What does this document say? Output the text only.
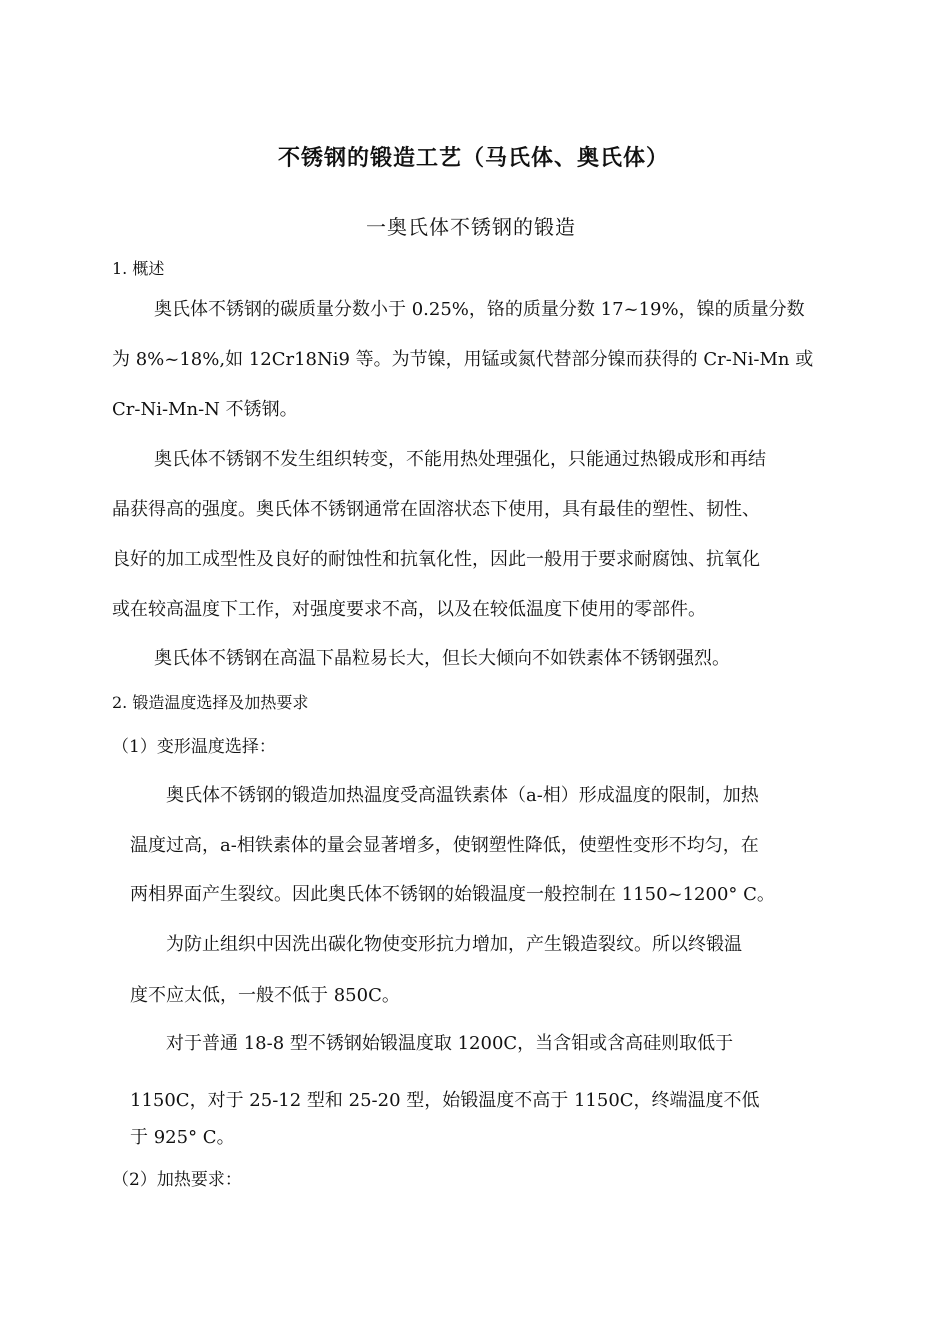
不锈钢的锻造工艺（马氏体、奥氏体）
一奥氏体不锈钢的锻造
1. 概述
奥氏体不锈钢的碳质量分数小于 0.25%，铬的质量分数 17~19%，镍的质量分数
为 8%~18%,如 12Cr18Ni9 等。为节镍，用锰或氮代替部分镍而获得的 Cr-Ni-Mn 或
Cr-Ni-Mn-N 不锈钢。
奥氏体不锈钢不发生组织转变，不能用热处理强化，只能通过热锻成形和再结
晶获得高的强度。奥氏体不锈钢通常在固溶状态下使用，具有最佳的塑性、韧性、
良好的加工成型性及良好的耐蚀性和抗氧化性，因此一般用于要求耐腐蚀、抗氧化
或在较高温度下工作，对强度要求不高，以及在较低温度下使用的零部件。
奥氏体不锈钢在高温下晶粒易长大，但长大倾向不如铁素体不锈钢强烈。
2. 锻造温度选择及加热要求
（1）变形温度选择：
奥氏体不锈钢的锻造加热温度受高温铁素体（a-相）形成温度的限制，加热
温度过高，a-相铁素体的量会显著增多，使钢塑性降低，使塑性变形不均匀，在
两相界面产生裂纹。因此奥氏体不锈钢的始锻温度一般控制在 1150~1200° C。
为防止组织中因洗出碳化物使变形抗力增加，产生锻造裂纹。所以终锻温
度不应太低，一般不低于 850C。
对于普通 18-8 型不锈钢始锻温度取 1200C，当含钼或含高硅则取低于
1150C，对于 25-12 型和 25-20 型，始锻温度不高于 1150C，终端温度不低
于 925° C。
（2）加热要求：
